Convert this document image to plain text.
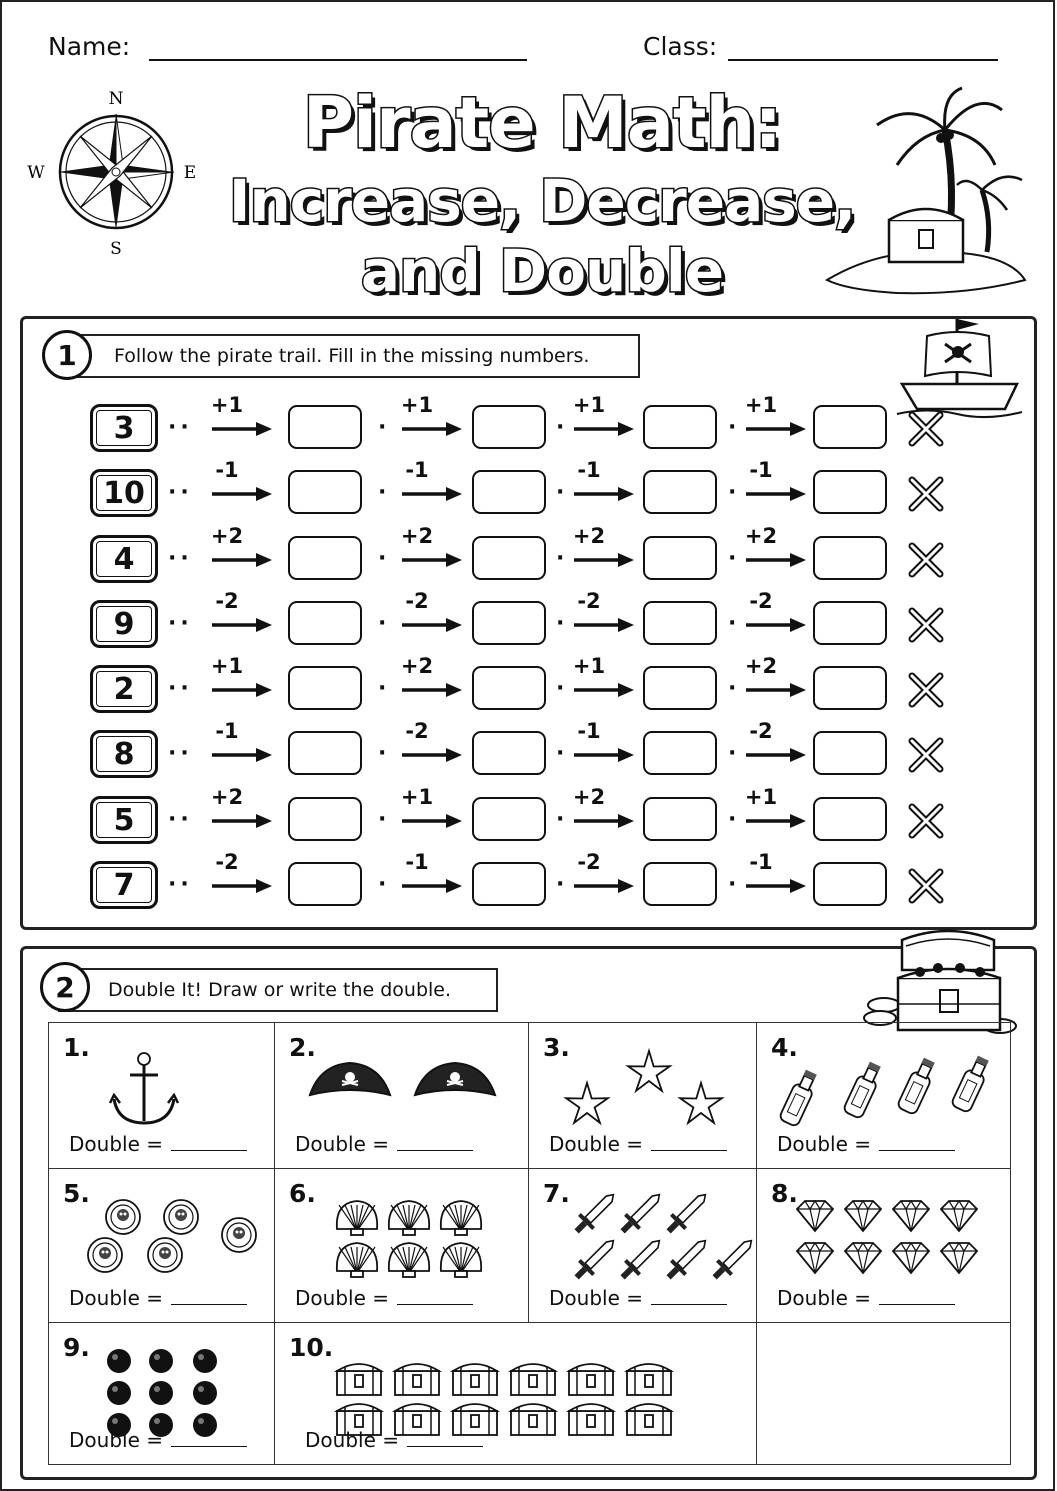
Name:	Class:
N
S
W	E
Pirate Math:
Increase, Decrease,
and Double
Follow the pirate trail. Fill in the missing numbers.
1
3	··
+1
·
+1
·
+1
·
+1
10	··
-1
·
-1
·
-1
·
-1
4	··
+2
·
+2
·
+2
·
+2
9	··
-2
·
-2
·
-2
·
-2
2	··
+1
·
+2
·
+1
·
+2
8	··
-1
·
-2
·
-1
·
-2
5	··
+2
·
+1
·
+2
·
+1
7	··
-2
·
-1
·
-2
·
-1
Double It! Draw or write the double.
2
1.
Double =
2.
Double =
3.
Double =
4.
Double =
5.
Double =
6.
Double =
7.
Double =
8.
Double =
9.
Double =
10.
Double =
